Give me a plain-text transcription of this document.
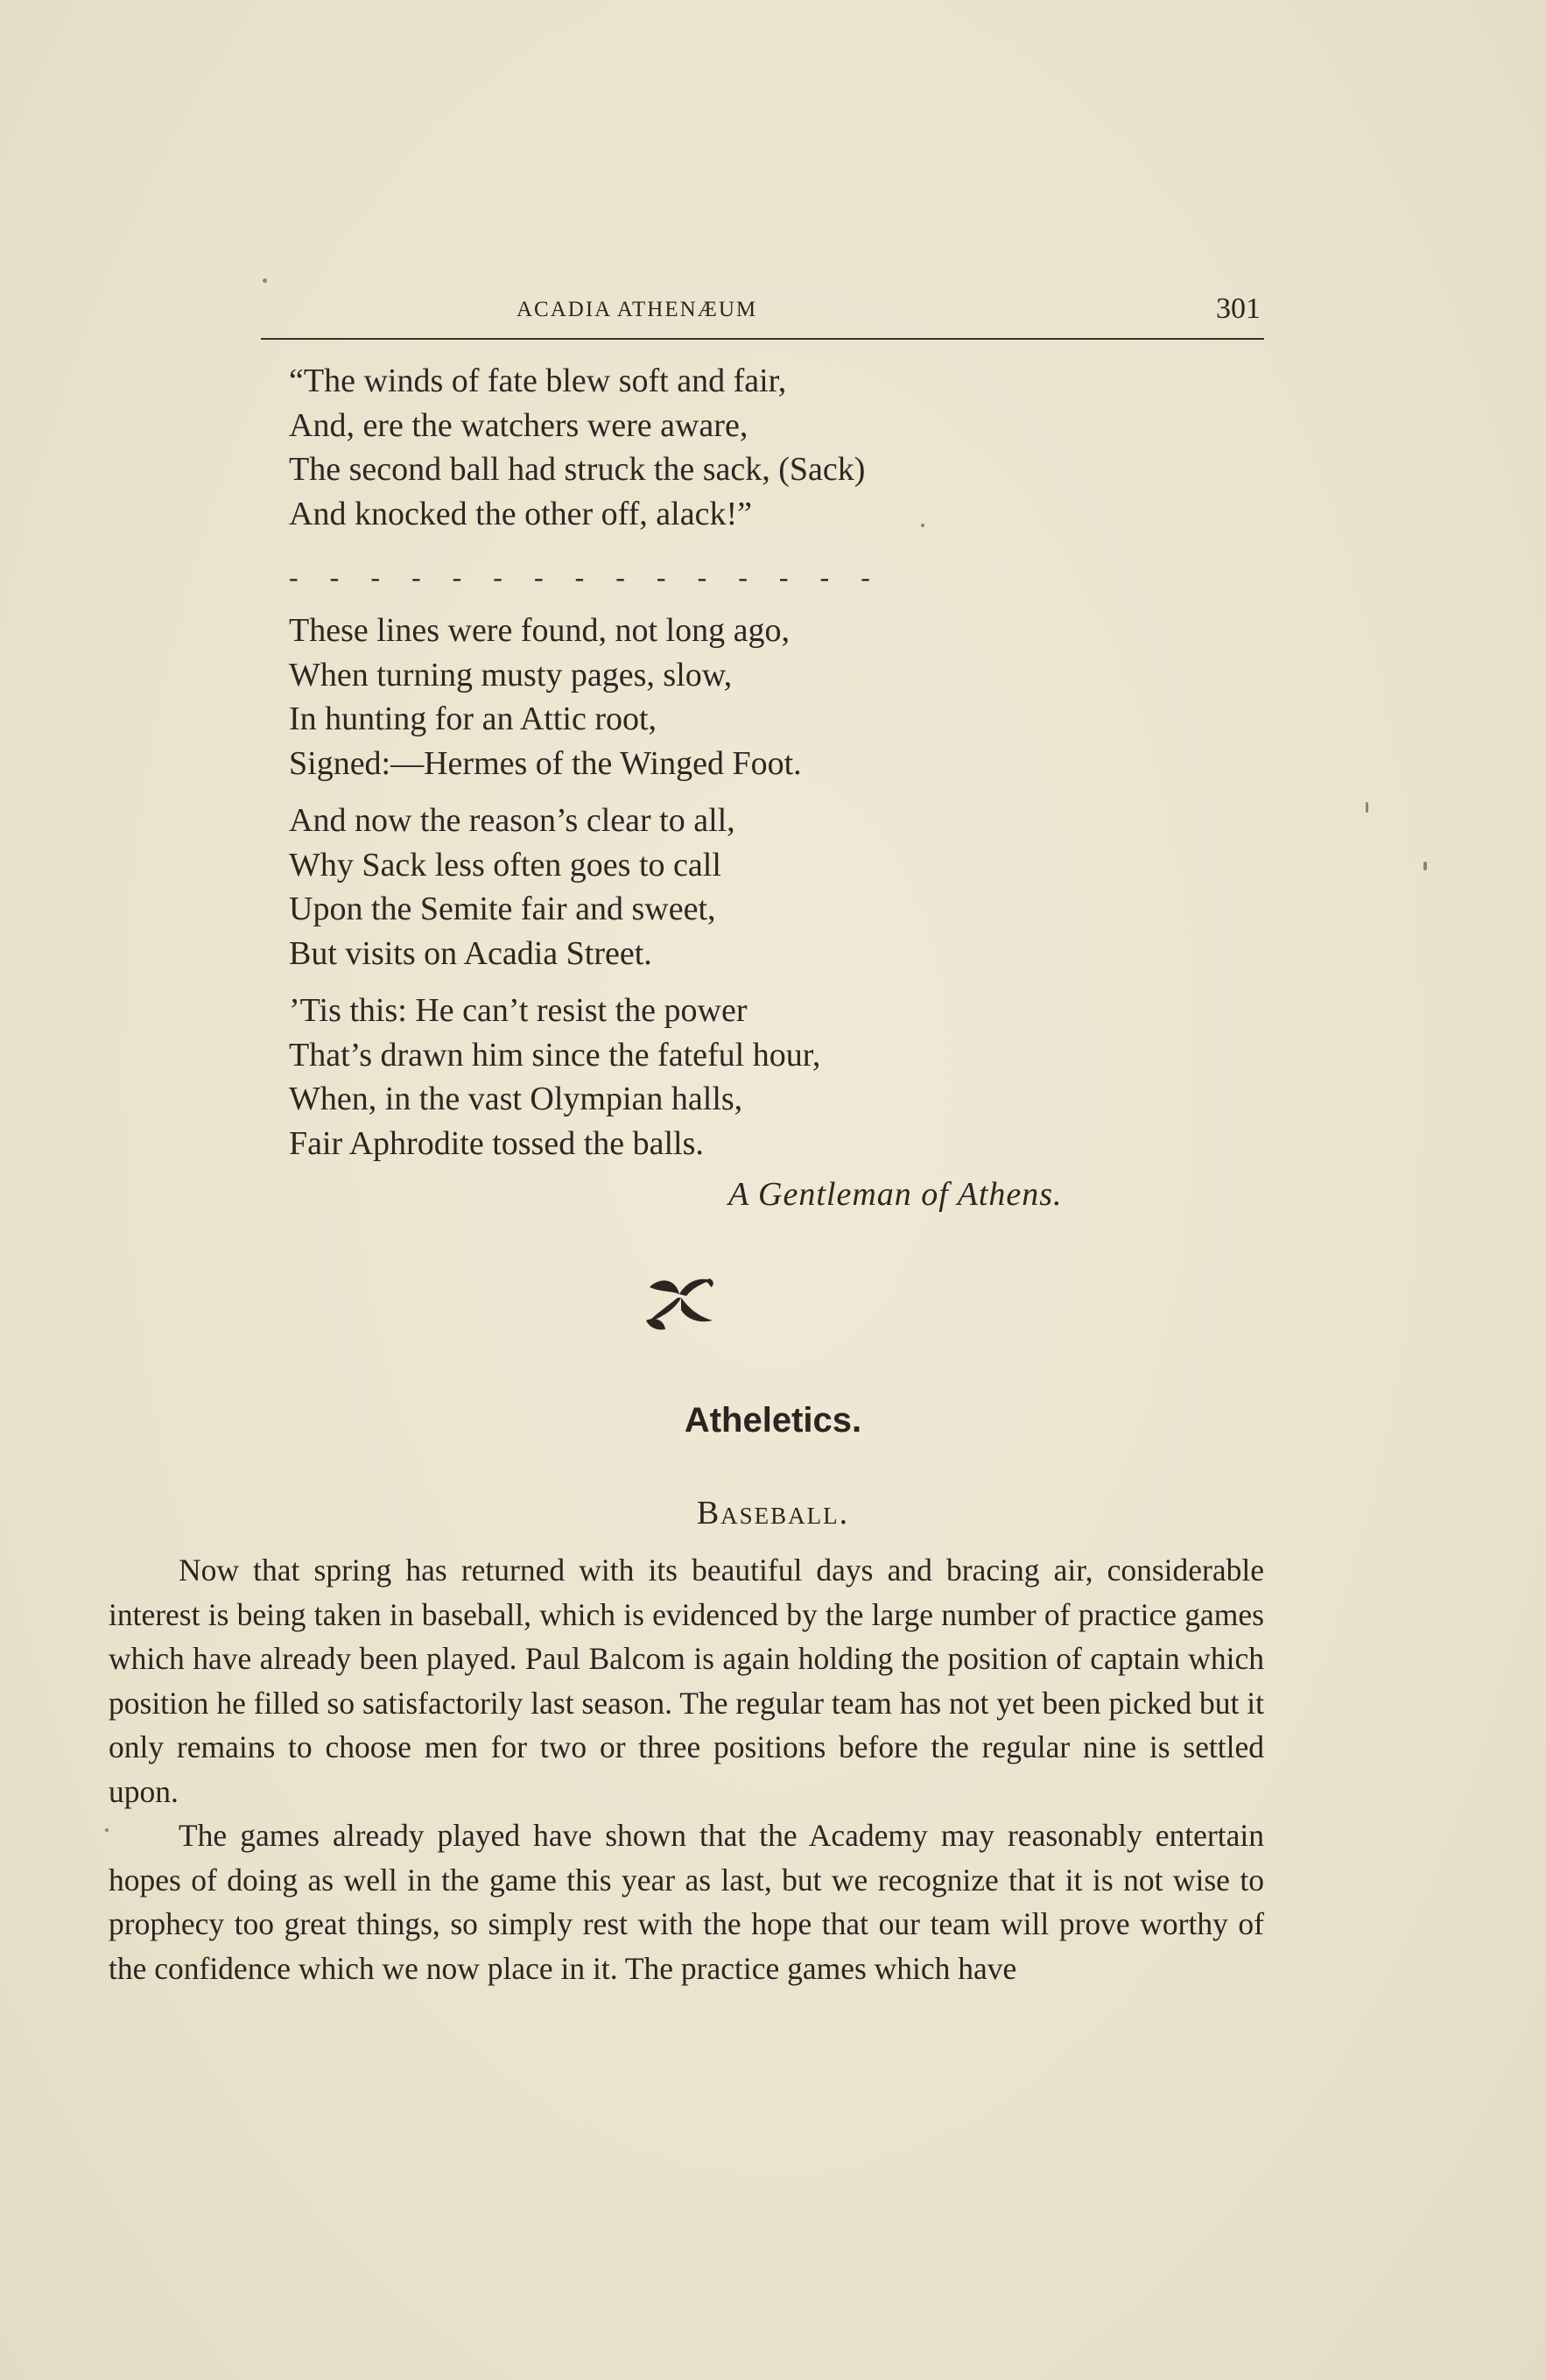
ACADIA ATHENÆUM	301
“The winds of fate blew soft and fair,
And, ere the watchers were aware,
The second ball had struck the sack, (Sack)
And knocked the other off, alack!”
- - - - - - - - - - - - - - -
These lines were found, not long ago,
When turning musty pages, slow,
In hunting for an Attic root,
Signed:—Hermes of the Winged Foot.
And now the reason’s clear to all,
Why Sack less often goes to call
Upon the Semite fair and sweet,
But visits on Acadia Street.
’Tis this: He can’t resist the power
That’s drawn him since the fateful hour,
When, in the vast Olympian halls,
Fair Aphrodite tossed the balls.
A Gentleman of Athens.
Atheletics.
Baseball.

Now that spring has returned with its beautiful days and bracing air, considerable interest is being taken in baseball, which is evidenced by the large number of practice games which have already been played. Paul Balcom is again holding the position of captain which position he filled so satisfactorily last season. The regular team has not yet been picked but it only remains to choose men for two or three positions before the regular nine is settled upon.

The games already played have shown that the Academy may reasonably entertain hopes of doing as well in the game this year as last, but we recognize that it is not wise to prophecy too great things, so simply rest with the hope that our team will prove worthy of the confidence which we now place in it. The practice games which have
